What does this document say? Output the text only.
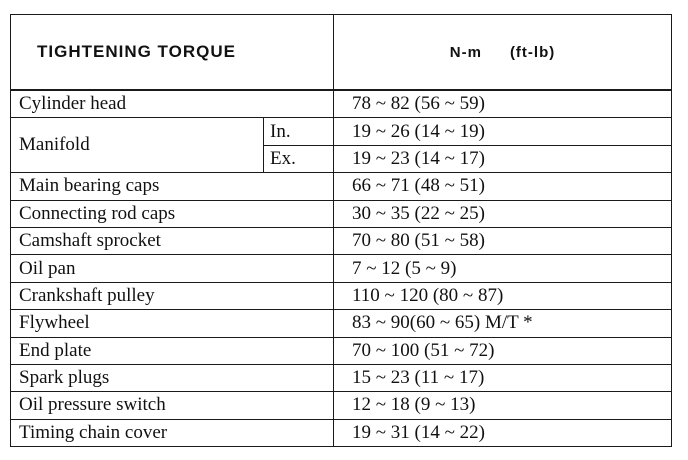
TIGHTENING TORQUE		N-m (ft-lb)
Cylinder head		78 ~ 82 (56 ~ 59)
Manifold	In.	19 ~ 26 (14 ~ 19)
	Ex.	19 ~ 23 (14 ~ 17)
Main bearing caps		66 ~ 71 (48 ~ 51)
Connecting rod caps		30 ~ 35 (22 ~ 25)
Camshaft sprocket		70 ~ 80 (51 ~ 58)
Oil pan		7 ~ 12 (5 ~ 9)
Crankshaft pulley		110 ~ 120 (80 ~ 87)
Flywheel		83 ~ 90(60 ~ 65) M/T *
End plate		70 ~ 100 (51 ~ 72)
Spark plugs		15 ~ 23 (11 ~ 17)
Oil pressure switch		12 ~ 18 (9 ~ 13)
Timing chain cover		19 ~ 31 (14 ~ 22)
